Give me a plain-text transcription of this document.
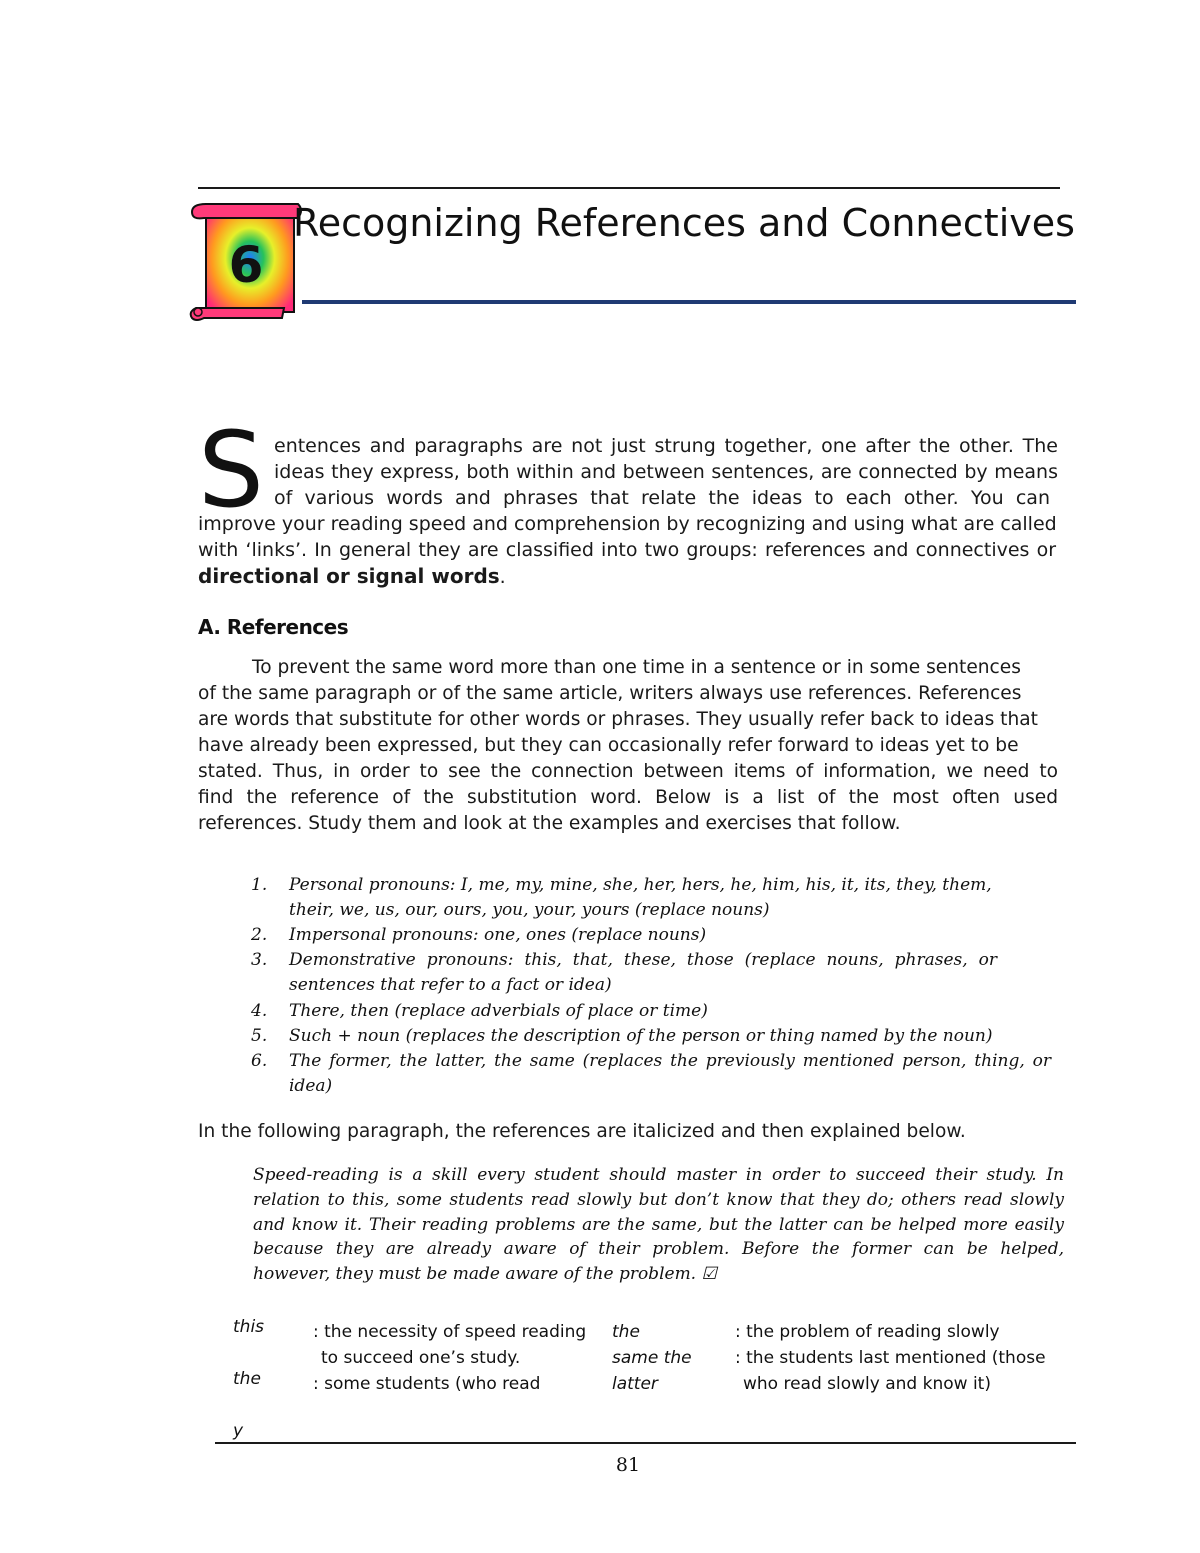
6
Recognizing References and Connectives
S entences and paragraphs are not just strung together, one after the other. The
ideas they express, both within and between sentences, are connected by means
of various words and phrases that relate the ideas to each other. You can
improve your reading speed and comprehension by recognizing and using what are called
with ‘links’. In general they are classified into two groups: references and connectives or
directional or signal words.
A. References
To prevent the same word more than one time in a sentence or in some sentences
of the same paragraph or of the same article, writers always use references. References
are words that substitute for other words or phrases. They usually refer back to ideas that
have already been expressed, but they can occasionally refer forward to ideas yet to be
stated. Thus, in order to see the connection between items of information, we need to
find the reference of the substitution word. Below is a list of the most often used
references. Study them and look at the examples and exercises that follow.
1. Personal pronouns: I, me, my, mine, she, her, hers, he, him, his, it, its, they, them,
their, we, us, our, ours, you, your, yours (replace nouns)
2. Impersonal pronouns: one, ones (replace nouns)
3. Demonstrative pronouns: this, that, these, those (replace nouns, phrases, or
sentences that refer to a fact or idea)
4. There, then (replace adverbials of place or time)
5. Such + noun (replaces the description of the person or thing named by the noun)
6. The former, the latter, the same (replaces the previously mentioned person, thing, or
idea)
In the following paragraph, the references are italicized and then explained below.
Speed-reading is a skill every student should master in order to succeed their study. In
relation to this, some students read slowly but don’t know that they do; others read slowly
and know it. Their reading problems are the same, but the latter can be helped more easily
because they are already aware of their problem. Before the former can be helped,
however, they must be made aware of the problem. ☑
this
the
y
: the necessity of speed reading
to succeed one’s study.
: some students (who read
the
same the
latter
: the problem of reading slowly
: the students last mentioned (those
who read slowly and know it)
81
